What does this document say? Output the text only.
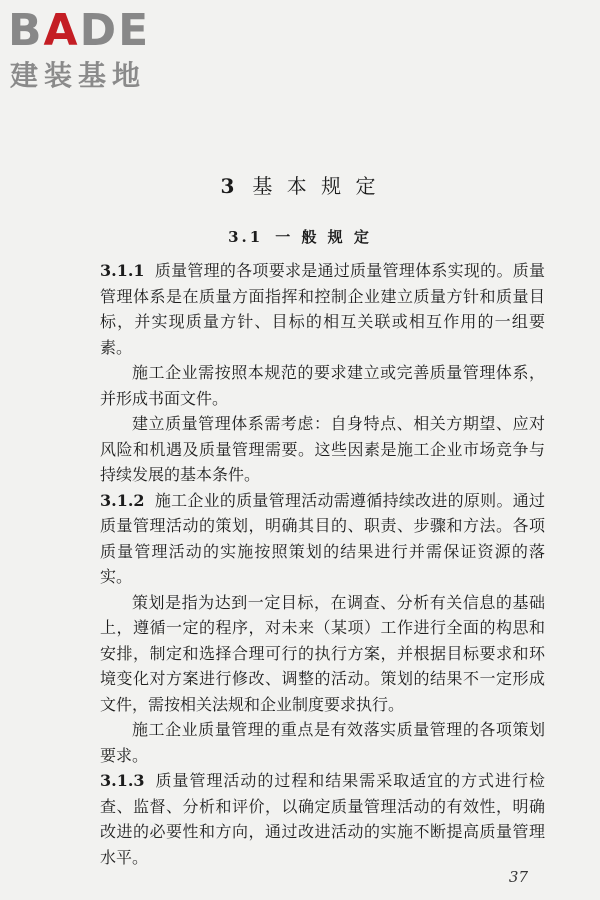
BADE
建装基地
3 基 本 规 定
3.1 一 般 规 定

3.1.1 质量管理的各项要求是通过质量管理体系实现的。质量管理体系是在质量方面指挥和控制企业建立质量方针和质量目标，并实现质量方针、目标的相互关联或相互作用的一组要素。

施工企业需按照本规范的要求建立或完善质量管理体系，并形成书面文件。

建立质量管理体系需考虑：自身特点、相关方期望、应对风险和机遇及质量管理需要。这些因素是施工企业市场竞争与持续发展的基本条件。

3.1.2 施工企业的质量管理活动需遵循持续改进的原则。通过质量管理活动的策划，明确其目的、职责、步骤和方法。各项质量管理活动的实施按照策划的结果进行并需保证资源的落实。

策划是指为达到一定目标，在调查、分析有关信息的基础上，遵循一定的程序，对未来（某项）工作进行全面的构思和安排，制定和选择合理可行的执行方案，并根据目标要求和环境变化对方案进行修改、调整的活动。策划的结果不一定形成文件，需按相关法规和企业制度要求执行。

施工企业质量管理的重点是有效落实质量管理的各项策划要求。

3.1.3 质量管理活动的过程和结果需采取适宜的方式进行检查、监督、分析和评价，以确定质量管理活动的有效性，明确改进的必要性和方向，通过改进活动的实施不断提高质量管理水平。

37
